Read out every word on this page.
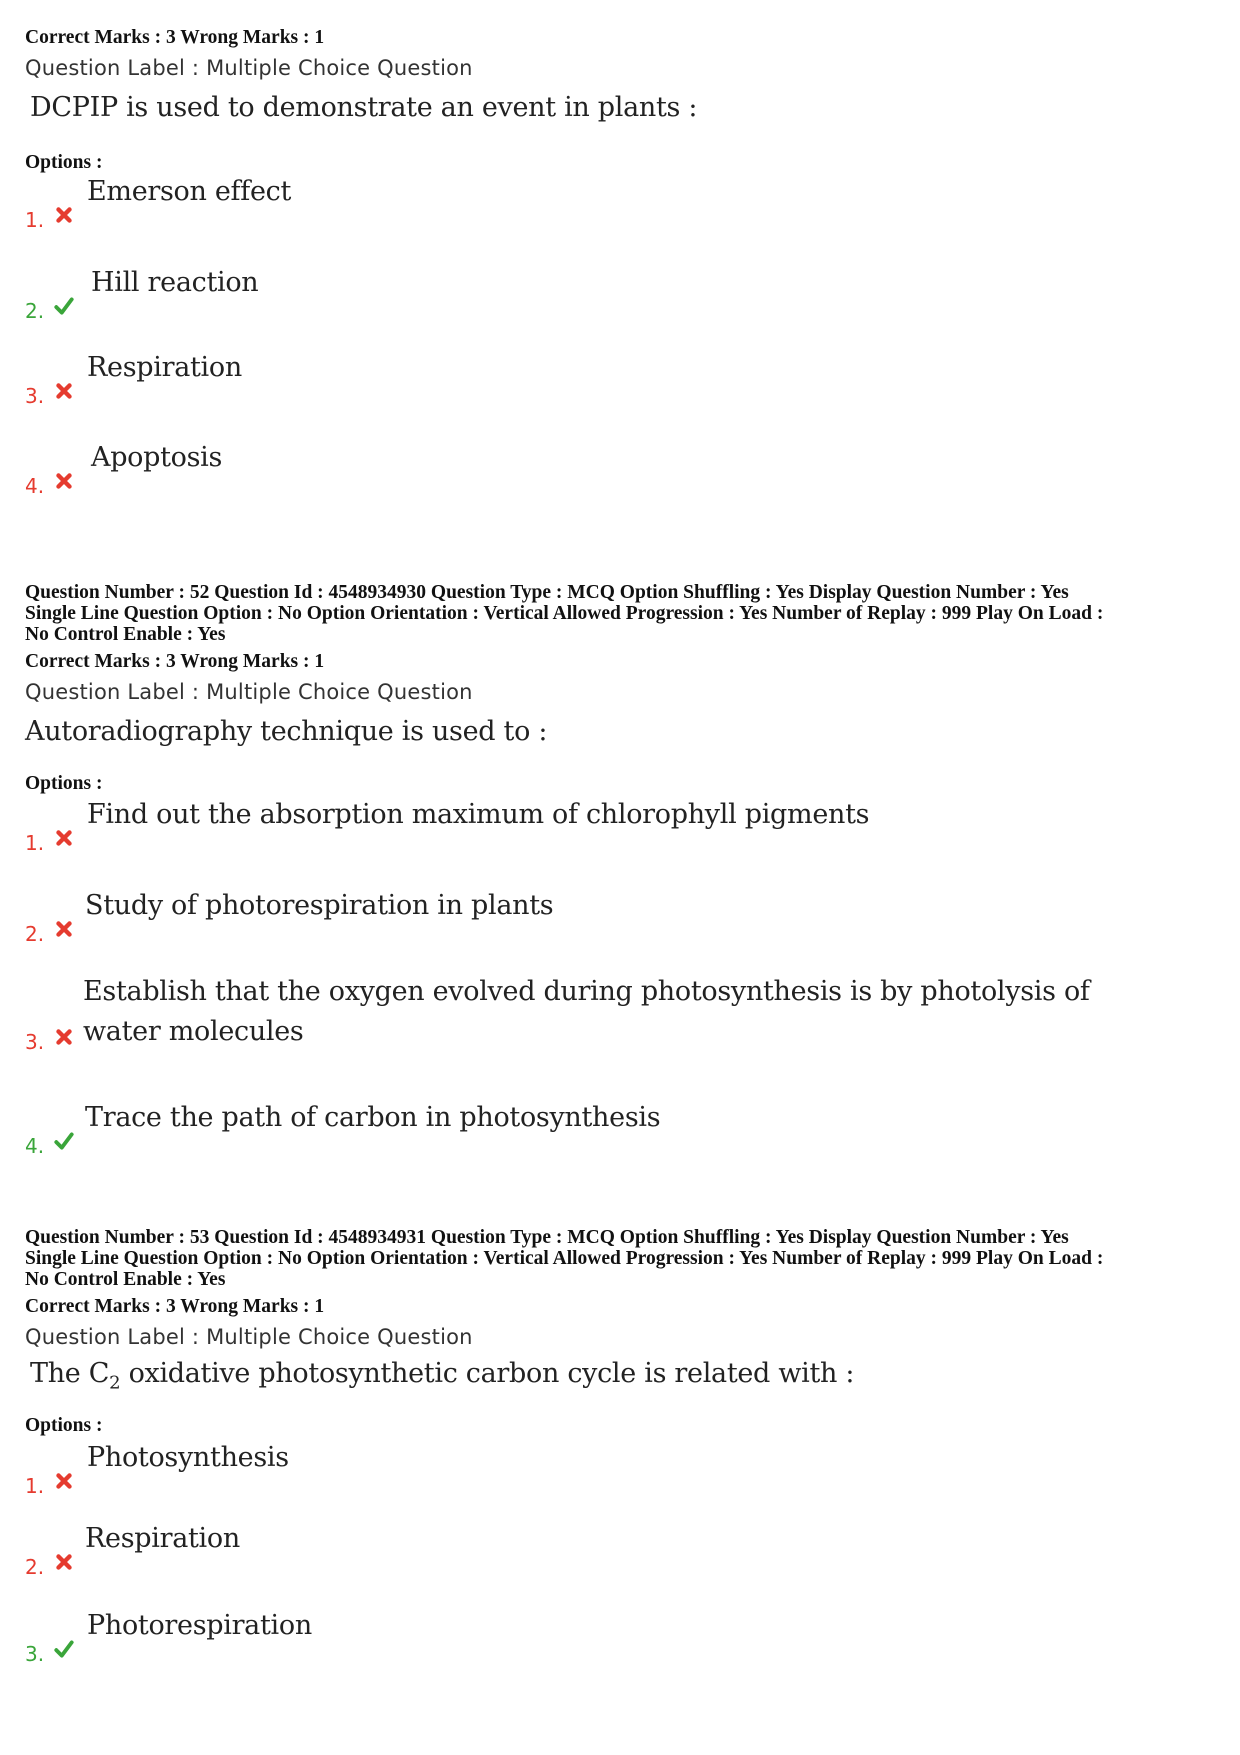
Correct Marks : 3 Wrong Marks : 1
Question Label : Multiple Choice Question
DCPIP is used to demonstrate an event in plants :
Options :
1.
Emerson effect
2.
Hill reaction
3.
Respiration
4.
Apoptosis
Question Number : 52 Question Id : 4548934930 Question Type : MCQ Option Shuffling : Yes Display Question Number : Yes
Single Line Question Option : No Option Orientation : Vertical Allowed Progression : Yes Number of Replay : 999 Play On Load :
No Control Enable : Yes
Correct Marks : 3 Wrong Marks : 1
Question Label : Multiple Choice Question
Autoradiography technique is used to :
Options :
1.
Find out the absorption maximum of chlorophyll pigments
2.
Study of photorespiration in plants
3.
Establish that the oxygen evolved during photosynthesis is by photolysis of
water molecules
4.
Trace the path of carbon in photosynthesis
Question Number : 53 Question Id : 4548934931 Question Type : MCQ Option Shuffling : Yes Display Question Number : Yes
Single Line Question Option : No Option Orientation : Vertical Allowed Progression : Yes Number of Replay : 999 Play On Load :
No Control Enable : Yes
Correct Marks : 3 Wrong Marks : 1
Question Label : Multiple Choice Question
The $C_2$ oxidative photosynthetic carbon cycle is related with :
Options :
1.
Photosynthesis
2.
Respiration
3.
Photorespiration
